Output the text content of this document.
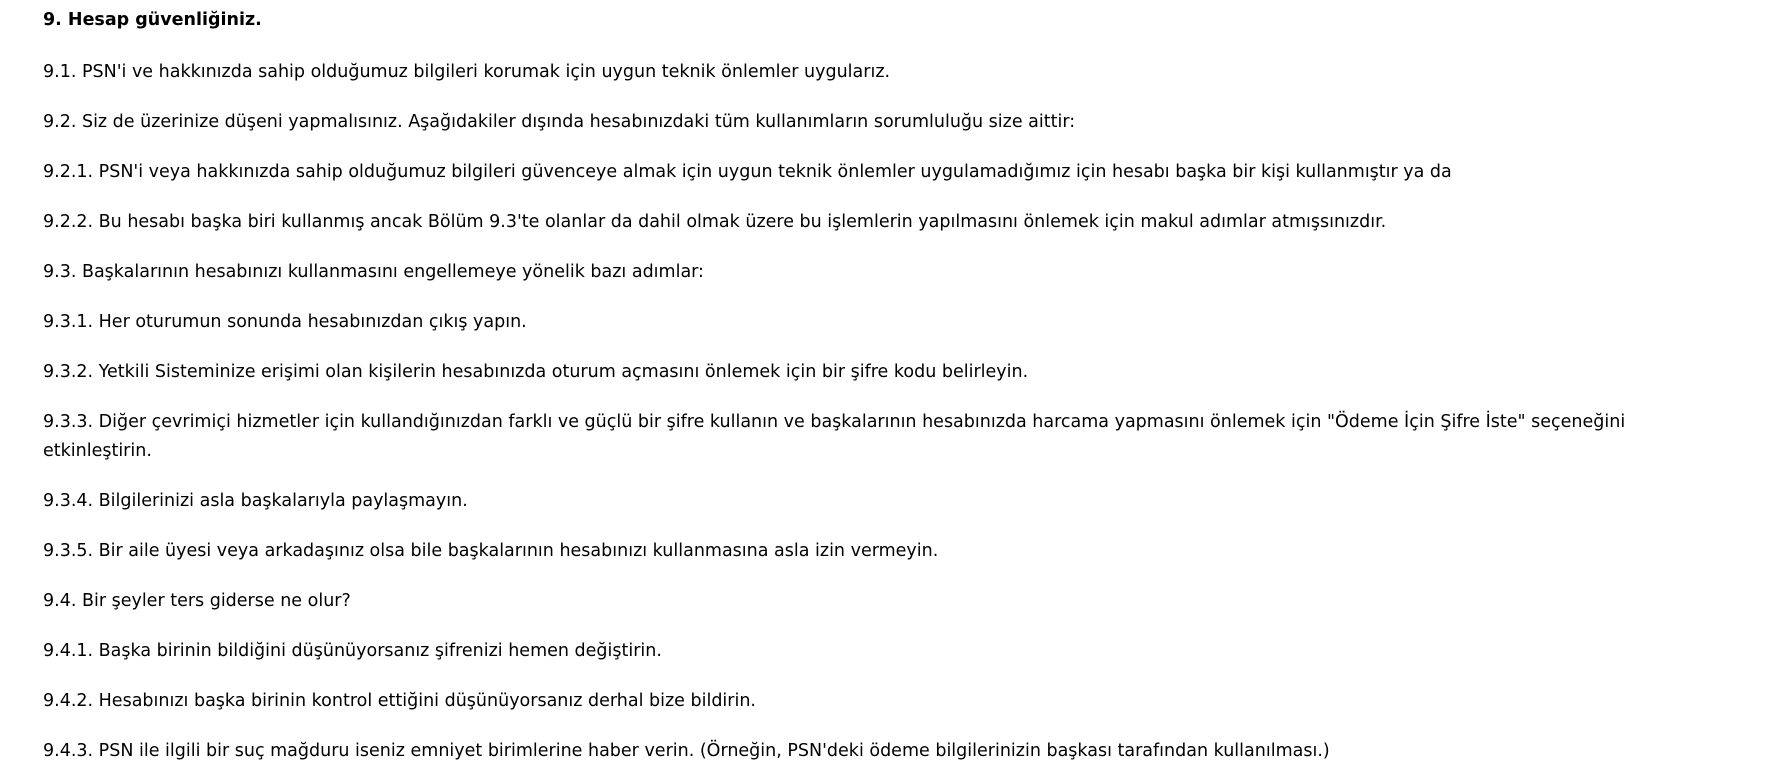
9. Hesap güvenliğiniz.

9.1. PSN'i ve hakkınızda sahip olduğumuz bilgileri korumak için uygun teknik önlemler uygularız.

9.2. Siz de üzerinize düşeni yapmalısınız. Aşağıdakiler dışında hesabınızdaki tüm kullanımların sorumluluğu size aittir:

9.2.1. PSN'i veya hakkınızda sahip olduğumuz bilgileri güvenceye almak için uygun teknik önlemler uygulamadığımız için hesabı başka bir kişi kullanmıştır ya da

9.2.2. Bu hesabı başka biri kullanmış ancak Bölüm 9.3'te olanlar da dahil olmak üzere bu işlemlerin yapılmasını önlemek için makul adımlar atmışsınızdır.

9.3. Başkalarının hesabınızı kullanmasını engellemeye yönelik bazı adımlar:

9.3.1. Her oturumun sonunda hesabınızdan çıkış yapın.

9.3.2. Yetkili Sisteminize erişimi olan kişilerin hesabınızda oturum açmasını önlemek için bir şifre kodu belirleyin.

9.3.3. Diğer çevrimiçi hizmetler için kullandığınızdan farklı ve güçlü bir şifre kullanın ve başkalarının hesabınızda harcama yapmasını önlemek için "Ödeme İçin Şifre İste" seçeneğini etkinleştirin.

9.3.4. Bilgilerinizi asla başkalarıyla paylaşmayın.

9.3.5. Bir aile üyesi veya arkadaşınız olsa bile başkalarının hesabınızı kullanmasına asla izin vermeyin.

9.4. Bir şeyler ters giderse ne olur?

9.4.1. Başka birinin bildiğini düşünüyorsanız şifrenizi hemen değiştirin.

9.4.2. Hesabınızı başka birinin kontrol ettiğini düşünüyorsanız derhal bize bildirin.

9.4.3. PSN ile ilgili bir suç mağduru iseniz emniyet birimlerine haber verin. (Örneğin, PSN'deki ödeme bilgilerinizin başkası tarafından kullanılması.)
